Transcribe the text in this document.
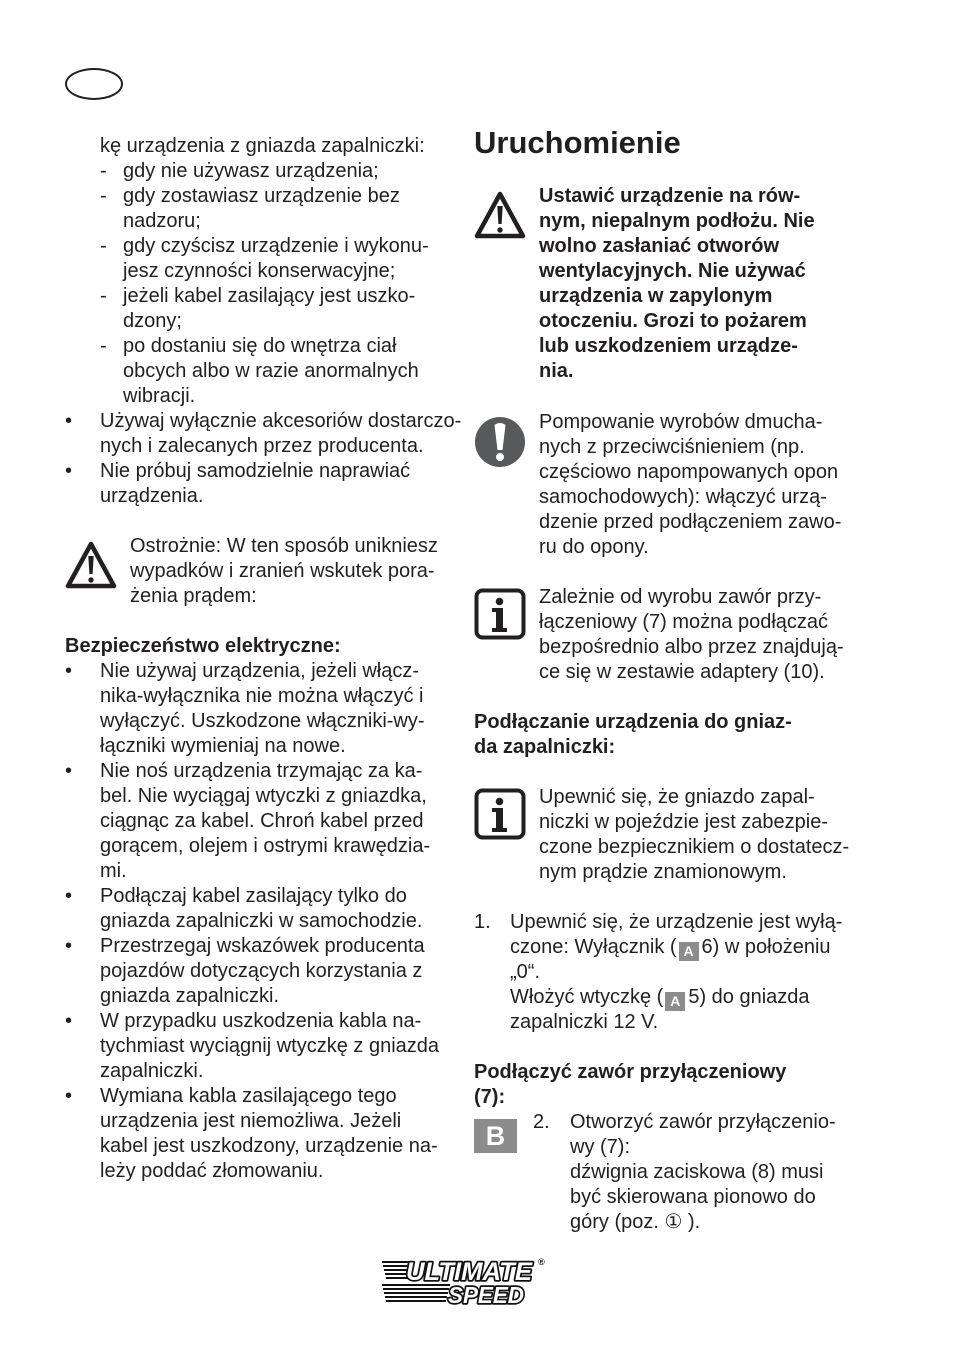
kę urządzenia z gniazda zapalniczki:
- gdy nie używasz urządzenia;
- gdy zostawiasz urządzenie bez
nadzoru;
- gdy czyścisz urządzenie i wykonu-
jesz czynności konserwacyjne;
- jeżeli kabel zasilający jest uszko-
dzony;
- po dostaniu się do wnętrza ciał
obcych albo w razie anormalnych
wibracji.
•	Używaj wyłącznie akcesoriów dostarczo-
nych i zalecanych przez producenta.
•	Nie próbuj samodzielnie naprawiać
urządzenia.
Ostrożnie: W ten sposób unikniesz
wypadków i zranień wskutek pora-
żenia prądem:
Bezpieczeństwo elektryczne:
•	Nie używaj urządzenia, jeżeli włącz-
nika-wyłącznika nie można włączyć i
wyłączyć. Uszkodzone włączniki-wy-
łączniki wymieniaj na nowe.
•	Nie noś urządzenia trzymając za ka-
bel. Nie wyciągaj wtyczki z gniazdka,
ciągnąc za kabel. Chroń kabel przed
gorącem, olejem i ostrymi krawędzia-
mi.
•	Podłączaj kabel zasilający tylko do
gniazda zapalniczki w samochodzie.
•	Przestrzegaj wskazówek producenta
pojazdów dotyczących korzystania z
gniazda zapalniczki.
•	W przypadku uszkodzenia kabla na-
tychmiast wyciągnij wtyczkę z gniazda
zapalniczki.
•	Wymiana kabla zasilającego tego
urządzenia jest niemożliwa. Jeżeli
kabel jest uszkodzony, urządzenie na-
leży poddać złomowaniu.
Uruchomienie
Ustawić urządzenie na rów-
nym, niepalnym podłożu. Nie
wolno zasłaniać otworów
wentylacyjnych. Nie używać
urządzenia w zapylonym
otoczeniu. Grozi to pożarem
lub uszkodzeniem urządze-
nia.
Pompowanie wyrobów dmucha-
nych z przeciwciśnieniem (np.
częściowo napompowanych opon
samochodowych): włączyć urzą-
dzenie przed podłączeniem zawo-
ru do opony.
Zależnie od wyrobu zawór przy-
łączeniowy (7) można podłączać
bezpośrednio albo przez znajdują-
ce się w zestawie adaptery (10).
Podłączanie urządzenia do gniaz-
da zapalniczki:
Upewnić się, że gniazdo zapal-
niczki w pojeździe jest zabezpie-
czone bezpiecznikiem o dostatecz-
nym prądzie znamionowym.
1. Upewnić się, że urządzenie jest wyłą-
czone: Wyłącznik ( A 6) w położeniu
„0“.
Włożyć wtyczkę ( A 5) do gniazda
zapalniczki 12 V.
Podłączyć zawór przyłączeniowy
(7):
B	2.	Otworzyć zawór przyłączenio-
wy (7):
dźwignia zaciskowa (8) musi
być skierowana pionowo do
góry (poz. ① ).
ULTIMATE
SPEED
®
